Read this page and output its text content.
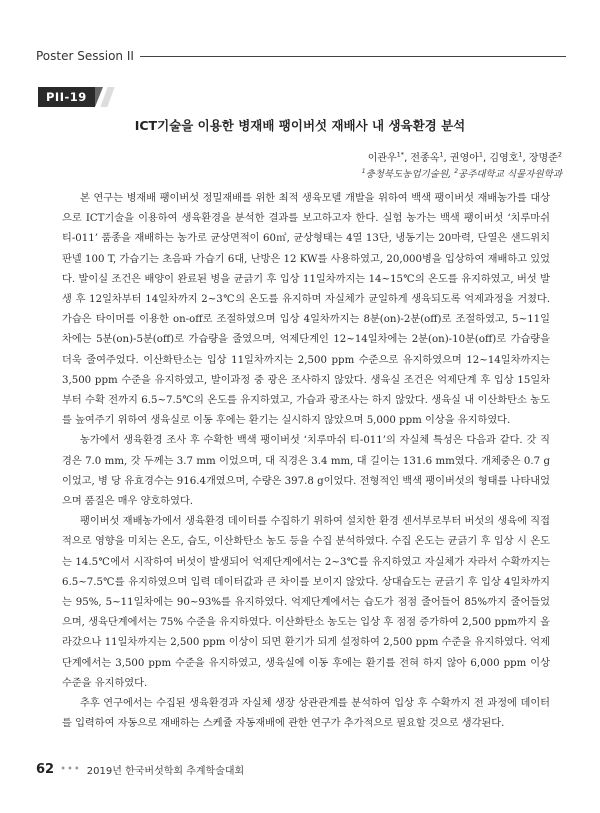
Poster Session II
PII-19
ICT기술을 이용한 병재배 팽이버섯 재배사 내 생육환경 분석
이관우$^{1*}$, 전종옥$^1$, 권영아$^1$, 김영호$^1$, 장명준$^2$
$^1$충청북도농업기술원, $^2$공주대학교 식물자원학과

본 연구는 병재배 팽이버섯 정밀재배를 위한 최적 생육모델 개발을 위하여 백색 팽이버섯 재배농가를 대상으로 ICT기술을 이용하여 생육환경을 분석한 결과를 보고하고자 한다. 실험 농가는 백색 팽이버섯 ‘치루마쉬 티-011’ 품종을 재배하는 농가로 균상면적이 60㎡, 균상형태는 4열 13단, 냉동기는 20마력, 단열은 샌드위치 판넬 100 T, 가습기는 초음파 가습기 6대, 난방은 12 KW를 사용하였고, 20,000병을 입상하여 재배하고 있었다. 발이실 조건은 배양이 완료된 병을 균긁기 후 입상 11일차까지는 14~15℃의 온도를 유지하였고, 버섯 발생 후 12일차부터 14일차까지 2~3℃의 온도를 유지하며 자실체가 균일하게 생육되도록 억제과정을 거쳤다. 가습은 타이머를 이용한 on-off로 조절하였으며 입상 4일차까지는 8분(on)-2분(off)로 조절하였고, 5~11일차에는 5분(on)-5분(off)로 가습량을 줄였으며, 억제단계인 12~14일차에는 2분(on)-10분(off)로 가습량을 더욱 줄여주었다. 이산화탄소는 입상 11일차까지는 2,500 ppm 수준으로 유지하였으며 12~14일차까지는 3,500 ppm 수준을 유지하였고, 발이과정 중 광은 조사하지 않았다. 생육실 조건은 억제단계 후 입상 15일차부터 수확 전까지 6.5~7.5℃의 온도를 유지하였고, 가습과 광조사는 하지 않았다. 생육실 내 이산화탄소 농도를 높여주기 위하여 생육실로 이동 후에는 환기는 실시하지 않았으며 5,000 ppm 이상을 유지하였다.

농가에서 생육환경 조사 후 수확한 백색 팽이버섯 ‘치루마쉬 티-011’의 자실체 특성은 다음과 같다. 갓 직경은 7.0 mm, 갓 두께는 3.7 mm 이었으며, 대 직경은 3.4 mm, 대 길이는 131.6 mm였다. 개체중은 0.7 g이었고, 병 당 유효경수는 916.4개였으며, 수량은 397.8 g이었다. 전형적인 백색 팽이버섯의 형태를 나타내었으며 품질은 매우 양호하였다.

팽이버섯 재배농가에서 생육환경 데이터를 수집하기 위하여 설치한 환경 센서부로부터 버섯의 생육에 직접적으로 영향을 미치는 온도, 습도, 이산화탄소 농도 등을 수집 분석하였다. 수집 온도는 균긁기 후 입상 시 온도는 14.5℃에서 시작하여 버섯이 발생되어 억제단계에서는 2~3℃를 유지하였고 자실체가 자라서 수확까지는 6.5~7.5℃를 유지하였으며 입력 데이터값과 큰 차이를 보이지 않았다. 상대습도는 균긁기 후 입상 4일차까지는 95%, 5~11일차에는 90~93%를 유지하였다. 억제단계에서는 습도가 점점 줄어들어 85%까지 줄어들었으며, 생육단계에서는 75% 수준을 유지하였다. 이산화탄소 농도는 입상 후 점점 증가하여 2,500 ppm까지 올라갔으나 11일차까지는 2,500 ppm 이상이 되면 환기가 되게 설정하여 2,500 ppm 수준을 유지하였다. 억제단계에서는 3,500 ppm 수준을 유지하였고, 생육실에 이동 후에는 환기를 전혀 하지 않아 6,000 ppm 이상 수준을 유지하였다.

추후 연구에서는 수집된 생육환경과 자실체 생장 상관관계를 분석하여 입상 후 수확까지 전 과정에 데이터를 입력하여 자동으로 재배하는 스케쥴 자동재배에 관한 연구가 추가적으로 필요할 것으로 생각된다.

62 ••• 2019년 한국버섯학회 추계학술대회
